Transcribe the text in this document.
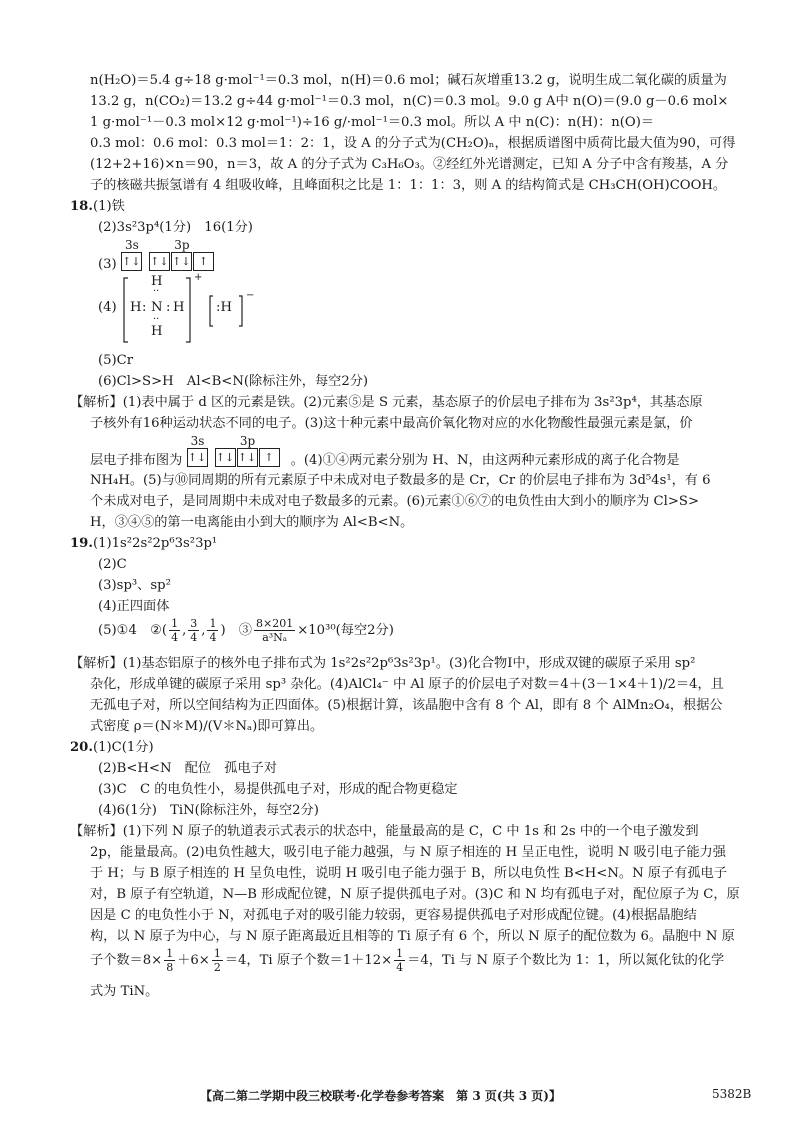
n(H₂O)＝5.4 g÷18 g·mol⁻¹＝0.3 mol，n(H)＝0.6 mol；碱石灰增重13.2 g，说明生成二氧化碳的质量为
13.2 g，n(CO₂)＝13.2 g÷44 g·mol⁻¹＝0.3 mol，n(C)＝0.3 mol。9.0 g A中 n(O)＝(9.0 g－0.6 mol×
1 g·mol⁻¹－0.3 mol×12 g·mol⁻¹)÷16 g/·mol⁻¹＝0.3 mol。所以 A 中 n(C)：n(H)：n(O)＝
0.3 mol：0.6 mol：0.3 mol＝1：2：1，设 A 的分子式为(CH₂O)ₙ，根据质谱图中质荷比最大值为90，可得
(12+2+16)×n＝90，n＝3，故 A 的分子式为 C₃H₆O₃。②经红外光谱测定，已知 A 分子中含有羧基，A 分
子的核磁共振氢谱有 4 组吸收峰，且峰面积之比是 1：1：1：3，则 A 的结构简式是 CH₃CH(OH)COOH。
18.(1)铁
(2)3s²3p⁴(1分)　16(1分)
(3)
3s
↑↓
3p
↑↓ ↑↓ ↑
(4)
H
··
H : N : H
··
H
+
:H
−
(5)Cr
(6)Cl>S>H　Al<B<N(除标注外，每空2分)
【解析】(1)表中属于 d 区的元素是铁。(2)元素⑤是 S 元素，基态原子的价层电子排布为 3s²3p⁴，其基态原
子核外有16种运动状态不同的电子。(3)这十种元素中最高价氧化物对应的水化物酸性最强元素是氯，价
层电子排布图为
3s
↑↓
3p
↑↓ ↑↓ ↑ 。(4)①④两元素分别为 H、N，由这两种元素形成的离子化合物是
NH₄H。(5)与⑩同周期的所有元素原子中未成对电子数最多的是 Cr，Cr 的价层电子排布为 3d⁵4s¹，有 6
个未成对电子，是同周期中未成对电子数最多的元素。(6)元素①⑥⑦的电负性由大到小的顺序为 Cl>S>
H，③④⑤的第一电离能由小到大的顺序为 Al<B<N。
19.(1)1s²2s²2p⁶3s²3p¹
(2)C
(3)sp³、sp²
(4)正四面体
(5)①4　②( $\frac{1}{4}$ , $\frac{3}{4}$ , $\frac{1}{4}$ )　③ $\frac{8\times 201}{\text{a³Nₐ}} \times 10^{30}$(每空2分)
【解析】(1)基态铝原子的核外电子排布式为 1s²2s²2p⁶3s²3p¹。(3)化合物Ⅰ中，形成双键的碳原子采用 sp²
杂化，形成单键的碳原子采用 sp³ 杂化。(4)AlCl₄⁻ 中 Al 原子的价层电子对数＝4＋(3－1×4＋1)/2＝4，且
无孤电子对，所以空间结构为正四面体。(5)根据计算，该晶胞中含有 8 个 Al，即有 8 个 AlMn₂O₄，根据公
式密度 ρ＝(N＊M)/(V＊Nₐ)即可算出。
20.(1)C(1分)
(2)B<H<N　配位　孤电子对
(3)C　C 的电负性小，易提供孤电子对，形成的配合物更稳定
(4)6(1分)　TiN(除标注外，每空2分)
【解析】(1)下列 N 原子的轨道表示式表示的状态中，能量最高的是 C，C 中 1s 和 2s 中的一个电子激发到
2p，能量最高。(2)电负性越大，吸引电子能力越强，与 N 原子相连的 H 呈正电性，说明 N 吸引电子能力强
于 H；与 B 原子相连的 H 呈负电性，说明 H 吸引电子能力强于 B，所以电负性 B<H<N。N 原子有孤电子
对，B 原子有空轨道，N—B 形成配位键，N 原子提供孤电子对。(3)C 和 N 均有孤电子对，配位原子为 C，原
因是 C 的电负性小于 N，对孤电子对的吸引能力较弱，更容易提供孤电子对形成配位键。(4)根据晶胞结
构，以 N 原子为中心，与 N 原子距离最近且相等的 Ti 原子有 6 个，所以 N 原子的配位数为 6。晶胞中 N 原
子个数$=8\times \frac{1}{8} +6\times \frac{1}{2} =4$，Ti 原子个数$=1+12\times \frac{1}{4} =4$，Ti 与 N 原子个数比为 1：1，所以氮化钛的化学
式为 TiN。
【高二第二学期中段三校联考·化学卷参考答案　第 3 页(共 3 页)】	5382B
